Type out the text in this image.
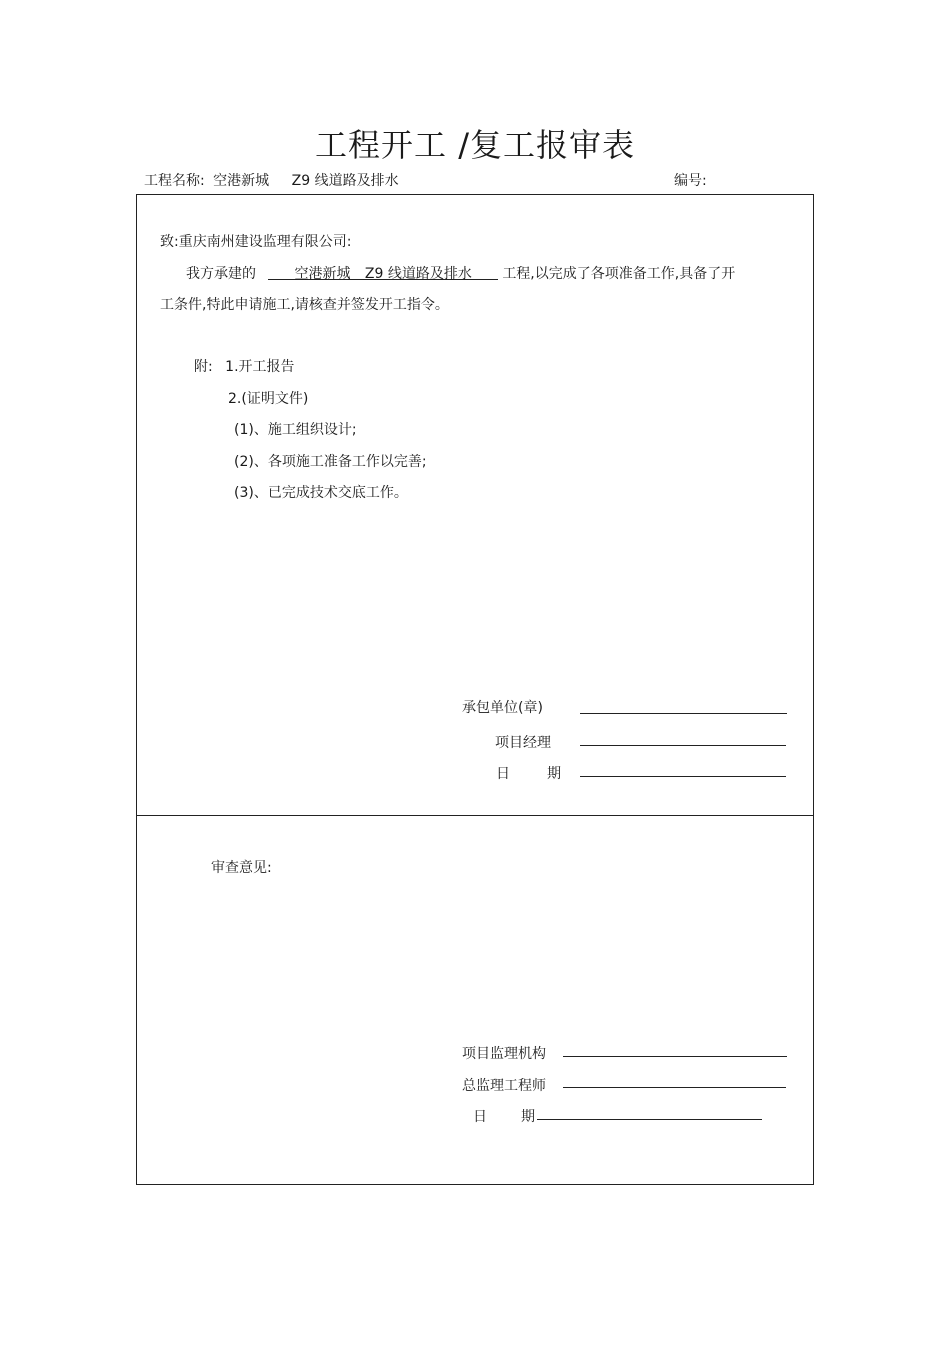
工程开工 /复工报审表
工程名称: 空港新城 Z9 线道路及排水	编号:
致:重庆南州建设监理有限公司:
我方承建的	空港新城 Z9 线道路及排水 工程,以完成了各项准备工作,具备了开
工条件,特此申请施工,请核查并签发开工指令。
附: 1.开工报告
2.(证明文件)
(1)、施工组织设计;
(2)、各项施工准备工作以完善;
(3)、已完成技术交底工作。
承包单位(章)
项目经理
日	期
审查意见:
项目监理机构
总监理工程师
日 期
